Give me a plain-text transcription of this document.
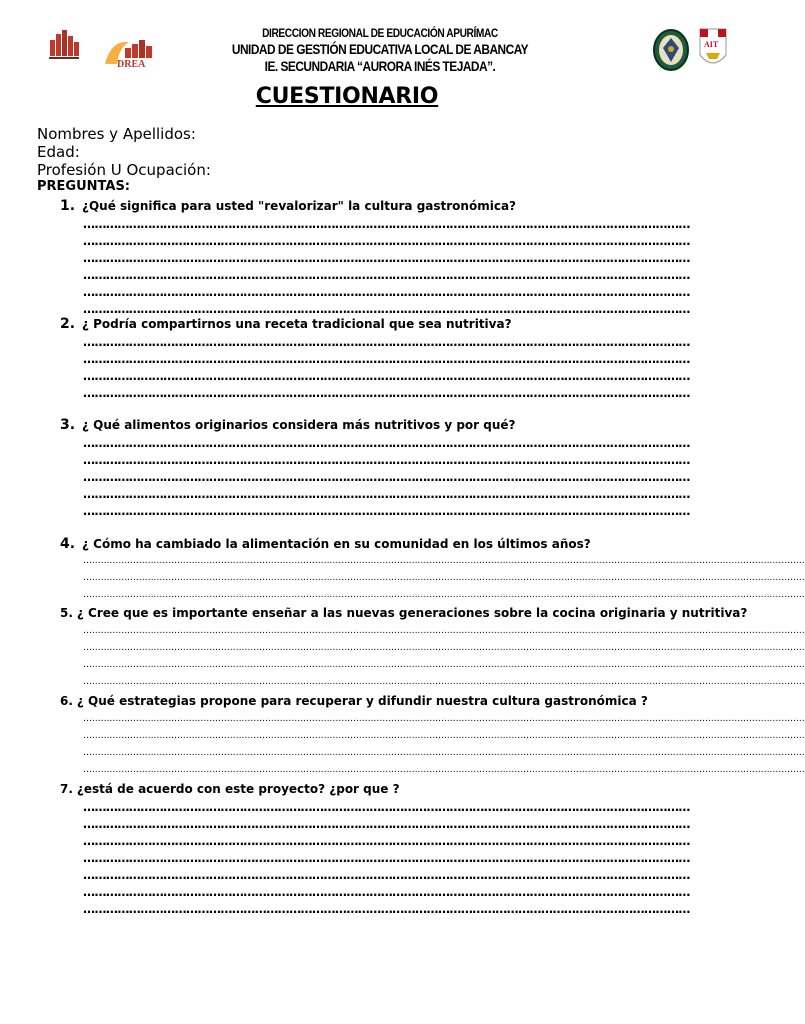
DREA
DIRECCION REGIONAL DE EDUCACIÓN APURÍMAC
UNIDAD DE GESTIÓN EDUCATIVA LOCAL DE ABANCAY
IE. SECUNDARIA “AURORA INÉS TEJADA”.
AIT
CUESTIONARIO
Nombres y Apellidos:
Edad:
Profesión U Ocupación:
PREGUNTAS:
1. ¿Qué significa para usted "revalorizar" la cultura gastronómica?
……………………………………………………………………………………………………………………………………………
……………………………………………………………………………………………………………………………………………
……………………………………………………………………………………………………………………………………………
……………………………………………………………………………………………………………………………………………
……………………………………………………………………………………………………………………………………………
……………………………………………………………………………………………………………………………………………
2. ¿ Podría compartirnos una receta tradicional que sea nutritiva?
……………………………………………………………………………………………………………………………………………
……………………………………………………………………………………………………………………………………………
……………………………………………………………………………………………………………………………………………
……………………………………………………………………………………………………………………………………………
3. ¿ Qué alimentos originarios considera más nutritivos y por qué?
……………………………………………………………………………………………………………………………………………
……………………………………………………………………………………………………………………………………………
……………………………………………………………………………………………………………………………………………
……………………………………………………………………………………………………………………………………………
……………………………………………………………………………………………………………………………………………
4. ¿ Cómo ha cambiado la alimentación en su comunidad en los últimos años?
…………………………………………………………………………………………………………………………………………………………………………………………………………………………
…………………………………………………………………………………………………………………………………………………………………………………………………………………………
…………………………………………………………………………………………………………………………………………………………………………………………………………………………
5. ¿ Cree que es importante enseñar a las nuevas generaciones sobre la cocina originaria y nutritiva?
…………………………………………………………………………………………………………………………………………………………………………………………………………………………
…………………………………………………………………………………………………………………………………………………………………………………………………………………………
…………………………………………………………………………………………………………………………………………………………………………………………………………………………
…………………………………………………………………………………………………………………………………………………………………………………………………………………………
6. ¿ Qué estrategias propone para recuperar y difundir nuestra cultura gastronómica ?
…………………………………………………………………………………………………………………………………………………………………………………………………………………………
…………………………………………………………………………………………………………………………………………………………………………………………………………………………
…………………………………………………………………………………………………………………………………………………………………………………………………………………………
…………………………………………………………………………………………………………………………………………………………………………………………………………………………
7. ¿está de acuerdo con este proyecto? ¿por que ?
……………………………………………………………………………………………………………………………………………
……………………………………………………………………………………………………………………………………………
……………………………………………………………………………………………………………………………………………
……………………………………………………………………………………………………………………………………………
……………………………………………………………………………………………………………………………………………
……………………………………………………………………………………………………………………………………………
……………………………………………………………………………………………………………………………………………
